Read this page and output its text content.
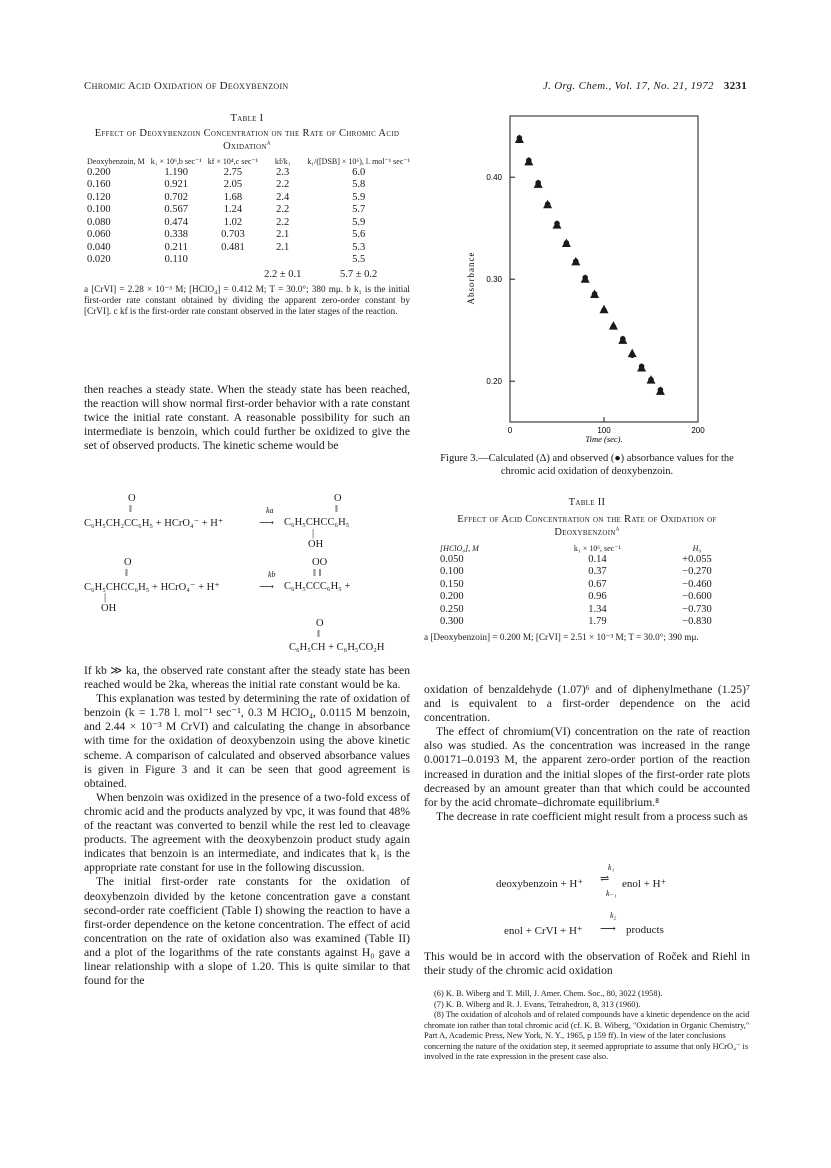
Chromic Acid Oxidation of Deoxybenzoin	J. Org. Chem., Vol. 17, No. 21, 1972 3231
Table I
Effect of Deoxybenzoin Concentration on the Rate of Chromic Acid Oxidation$^a$
Deoxybenzoin, M	k₁ × 10⁶,b sec⁻¹	kf × 10⁴,c sec⁻¹	kf/k₁	k₁/([DSB] × 10⁶), l. mol⁻¹ sec⁻¹
0.200	1.190	2.75	2.3	6.0
0.160	0.921	2.05	2.2	5.8
0.120	0.702	1.68	2.4	5.9
0.100	0.567	1.24	2.2	5.7
0.080	0.474	1.02	2.2	5.9
0.060	0.338	0.703	2.1	5.6
0.040	0.211	0.481	2.1	5.3
0.020	0.110			5.5
			2.2 ± 0.1	5.7 ± 0.2
a [CrVI] = 2.28 × 10⁻³ M; [HClO₄] = 0.412 M; T = 30.0°; 380 mμ. b k₁ is the initial first-order rate constant obtained by dividing the apparent zero-order constant by [CrVI]. c kf is the first-order rate constant observed in the later stages of the reaction.

then reaches a steady state. When the steady state has been reached, the reaction will show normal first-order behavior with a rate constant twice the initial rate constant. A reasonable possibility for such an intermediate is benzoin, which could further be oxidized to give the set of observed products. The kinetic scheme would be

O
‖
O
‖
C₆H₅CH₂CC₆H₅ + HCrO₄⁻ + H⁺
ka
⟶ C₆H₅CHCC₆H₅
|
OH
O
‖
OO
‖ ‖
C₆H₅CHCC₆H₅ + HCrO₄⁻ + H⁺
kb
⟶ C₆H₅CCC₆H₅ +
|
OH
O
‖
C₆H₅CH + C₆H₅CO₂H

If kb ≫ ka, the observed rate constant after the steady state has been reached would be 2ka, whereas the initial rate constant would be ka.

This explanation was tested by determining the rate of oxidation of benzoin (k = 1.78 l. mol⁻¹ sec⁻¹, 0.3 M HClO₄, 0.0115 M benzoin, and 2.44 × 10⁻³ M CrVI) and calculating the change in absorbance with time for the oxidation of deoxybenzoin using the above kinetic scheme. A comparison of calculated and observed absorbance values is given in Figure 3 and it can be seen that good agreement is obtained.

When benzoin was oxidized in the presence of a two-fold excess of chromic acid and the products analyzed by vpc, it was found that 48% of the reactant was converted to benzil while the rest led to cleavage products. The agreement with the deoxybenzoin product study again indicates that benzoin is an intermediate, and indicates that k₁ is the appropriate rate constant for use in the following discussion.

The initial first-order rate constants for the oxidation of deoxybenzoin divided by the ketone concentration gave a constant second-order rate coefficient (Table I) showing the reaction to have a first-order dependence on the ketone concentration. The effect of acid concentration on the rate of oxidation also was examined (Table II) and a plot of the logarithms of the rate constants against H₀ gave a linear relationship with a slope of 1.20. This is quite similar to that found for the

0.40
0.30
0.20
0	100	200
Absorbance
Time (sec).
Figure 3.—Calculated (Δ) and observed (●) absorbance values for the chromic acid oxidation of deoxybenzoin.
Table II
Effect of Acid Concentration on the Rate of Oxidation of Deoxybenzoin$^a$
[HClO₄], M	k₁ × 10⁶, sec⁻¹	H₀
0.050	0.14	+0.055
0.100	0.37	−0.270
0.150	0.67	−0.460
0.200	0.96	−0.600
0.250	1.34	−0.730
0.300	1.79	−0.830
a [Deoxybenzoin] = 0.200 M; [CrVI] = 2.51 × 10⁻³ M; T = 30.0°; 390 mμ.

oxidation of benzaldehyde (1.07)⁶ and of diphenylmethane (1.25)⁷ and is equivalent to a first-order dependence on the acid concentration.

The effect of chromium(VI) concentration on the rate of reaction also was studied. As the concentration was increased in the range 0.00171–0.0193 M, the apparent zero-order portion of the reaction increased in duration and the initial slopes of the first-order rate plots decreased by an amount greater than that which could be accounted for by the acid chromate–dichromate equilibrium.⁸

The decrease in rate coefficient might result from a process such as

deoxybenzoin + H⁺
k₁
⇌
k₋₁
enol + H⁺
enol + CrVI + H⁺
k₂
⟶ products

This would be in accord with the observation of Roček and Riehl in their study of the chromic acid oxidation

(6) K. B. Wiberg and T. Mill, J. Amer. Chem. Soc., 80, 3022 (1958).
(7) K. B. Wiberg and R. J. Evans, Tetrahedron, 8, 313 (1960).
(8) The oxidation of alcohols and of related compounds have a kinetic dependence on the acid chromate ion rather than total chromic acid (cf. K. B. Wiberg, "Oxidation in Organic Chemistry," Part A, Academic Press, New York, N. Y., 1965, p 159 ff). In view of the later conclusions concerning the nature of the oxidation step, it seemed appropriate to assume that only HCrO₄⁻ is involved in the rate expression in the present case also.
